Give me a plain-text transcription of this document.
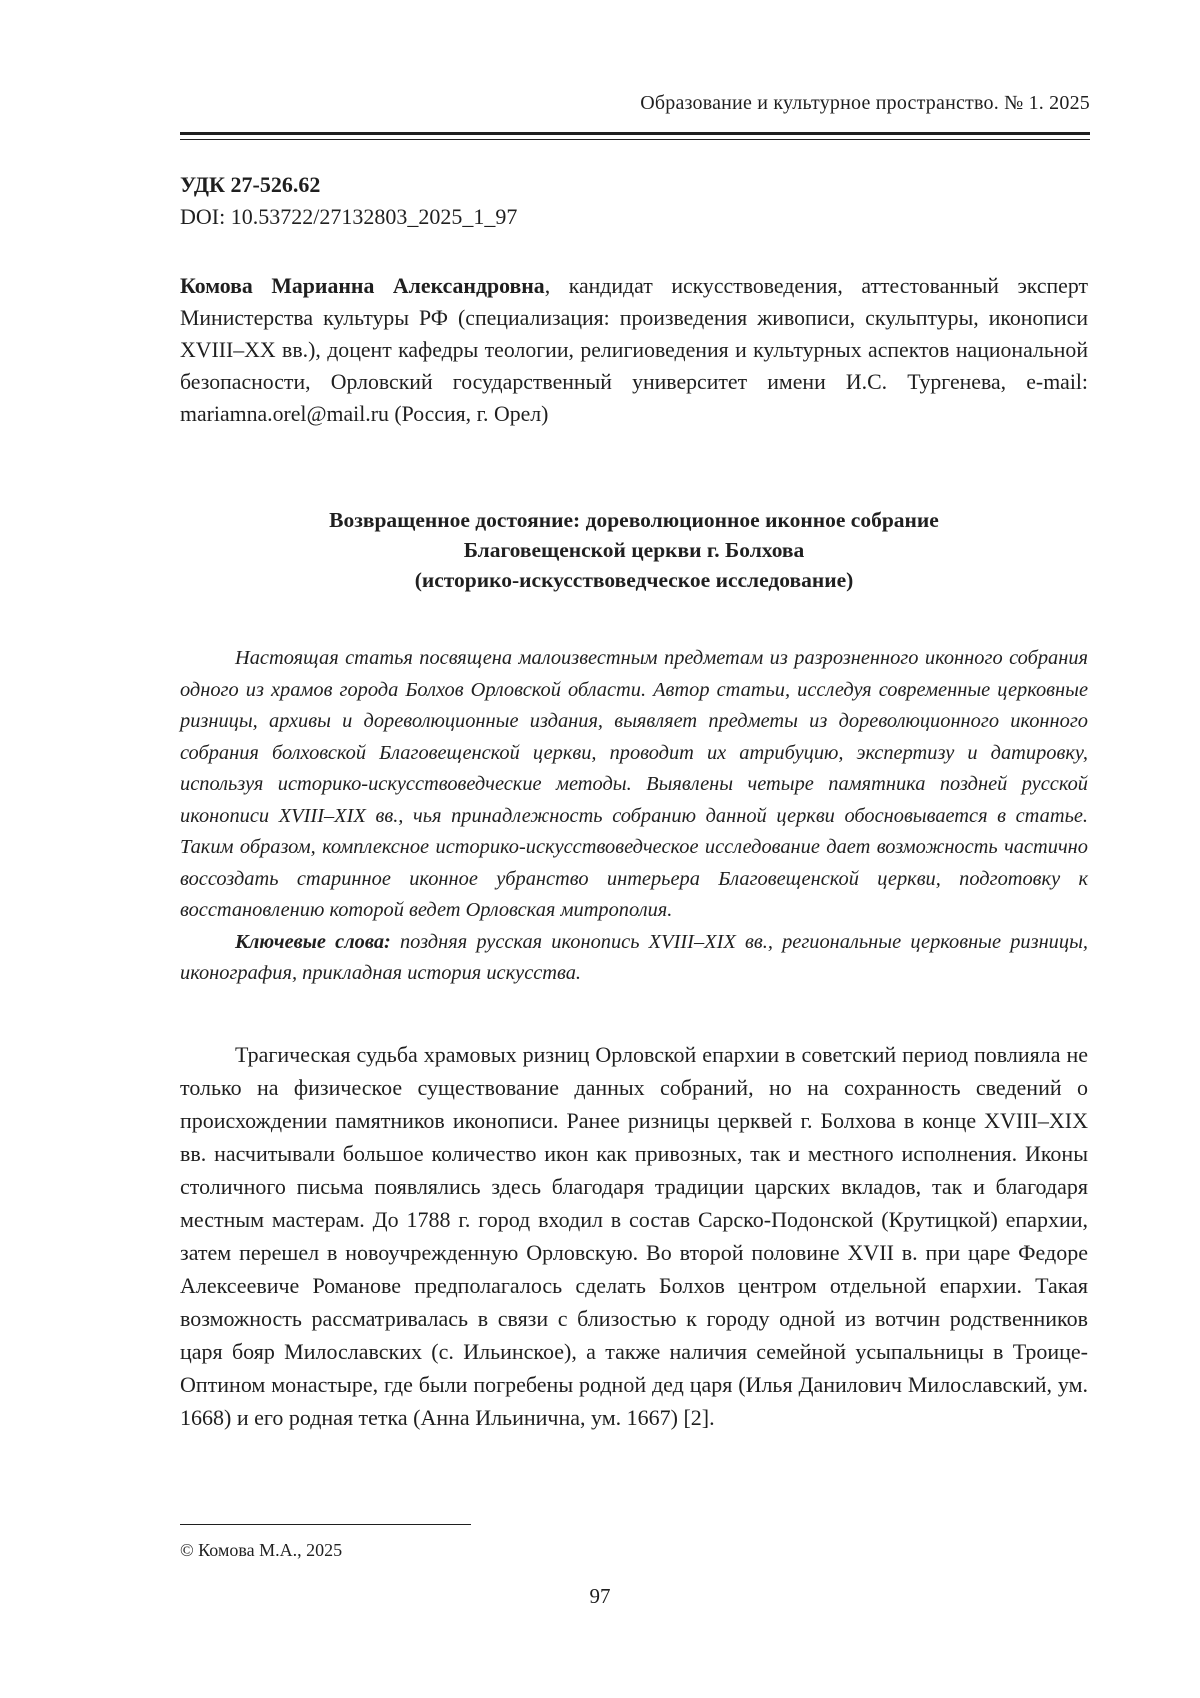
Образование и культурное пространство. № 1. 2025
УДК 27-526.62
DOI: 10.53722/27132803_2025_1_97
Комова Марианна Александровна, кандидат искусствоведения, аттестованный эксперт Министерства культуры РФ (специализация: произведения живописи, скульптуры, иконописи XVIII–XX вв.), доцент кафедры теологии, религиоведения и культурных аспектов национальной безопасности, Орловский государственный университет имени И.С. Тургенева, e-mail: mariamna.orel@mail.ru (Россия, г. Орел)
Возвращенное достояние: дореволюционное иконное собрание
Благовещенской церкви г. Болхова
(историко-искусствоведческое исследование)

Настоящая статья посвящена малоизвестным предметам из разрозненного иконного собрания одного из храмов города Болхов Орловской области. Автор статьи, исследуя современные церковные ризницы, архивы и дореволюционные издания, выявляет предметы из дореволюционного иконного собрания болховской Благовещенской церкви, проводит их атрибуцию, экспертизу и датировку, используя историко-искусствоведческие методы. Выявлены четыре памятника поздней русской иконописи XVIII–XIX вв., чья принадлежность собранию данной церкви обосновывается в статье. Таким образом, комплексное историко-искусствоведческое исследование дает возможность частично воссоздать старинное иконное убранство интерьера Благовещенской церкви, подготовку к восстановлению которой ведет Орловская митрополия.

Ключевые слова: поздняя русская иконопись XVIII–XIX вв., региональные церковные ризницы, иконография, прикладная история искусства.

Трагическая судьба храмовых ризниц Орловской епархии в советский период повлияла не только на физическое существование данных собраний, но на сохранность сведений о происхождении памятников иконописи. Ранее ризницы церквей г. Болхова в конце XVIII–XIX вв. насчитывали большое количество икон как привозных, так и местного исполнения. Иконы столичного письма появлялись здесь благодаря традиции царских вкладов, так и благодаря местным мастерам. До 1788 г. город входил в состав Сарско-Подонской (Крутицкой) епархии, затем перешел в новоучрежденную Орловскую. Во второй половине XVII в. при царе Федоре Алексеевиче Романове предполагалось сделать Болхов центром отдельной епархии. Такая возможность рассматривалась в связи с близостью к городу одной из вотчин родственников царя бояр Милославских (с. Ильинское), а также наличия семейной усыпальницы в Троице-Оптином монастыре, где были погребены родной дед царя (Илья Данилович Милославский, ум. 1668) и его родная тетка (Анна Ильинична, ум. 1667) [2].

© Комова М.А., 2025
97
